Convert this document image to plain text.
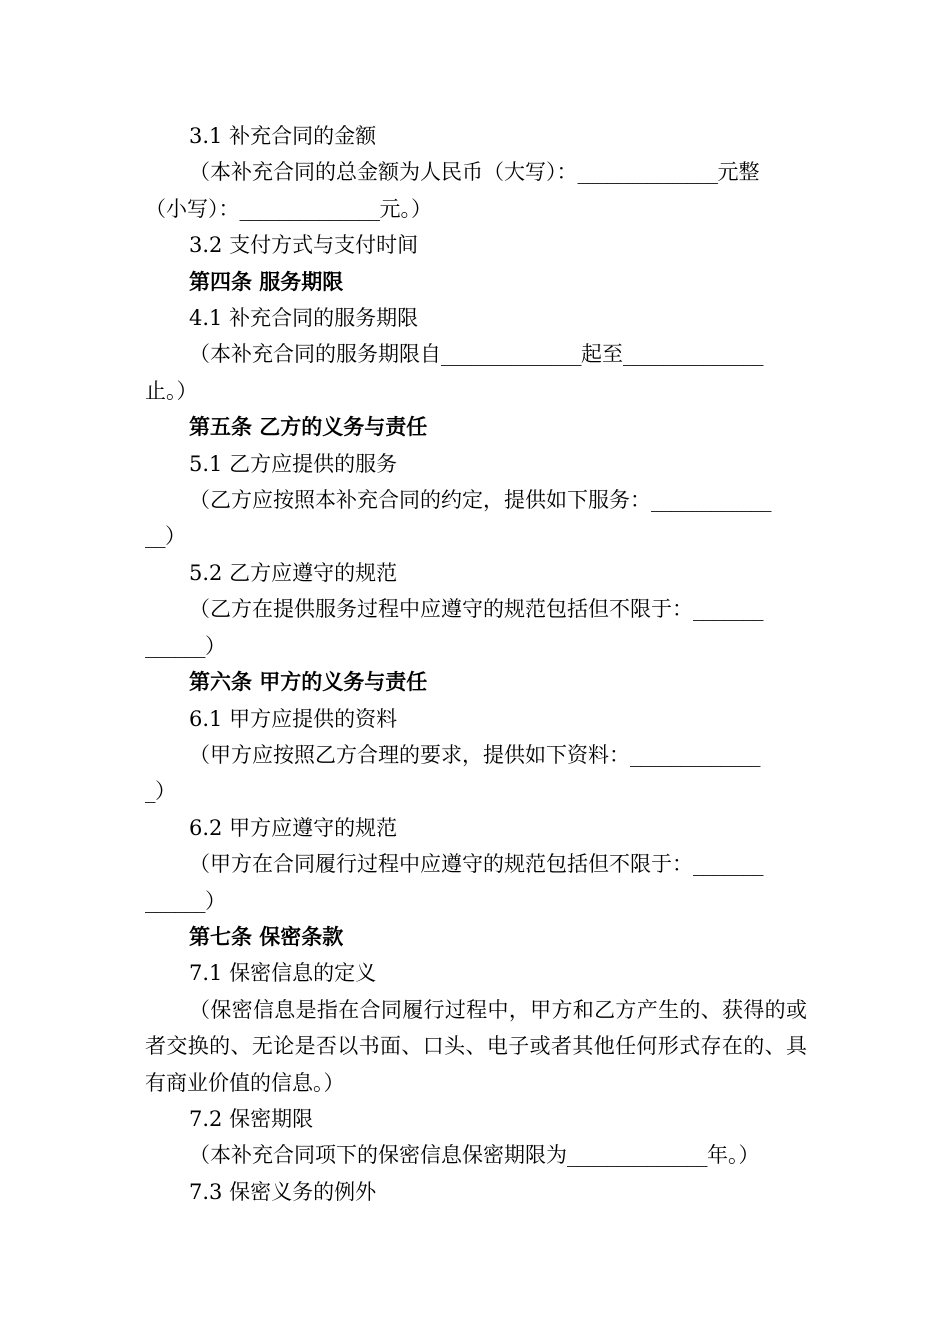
3.1 补充合同的金额

（本补充合同的总金额为人民币（大写）：______________元整
（小写）：______________元。）

3.2 支付方式与支付时间

第四条 服务期限

4.1 补充合同的服务期限

（本补充合同的服务期限自______________起至______________
止。）

第五条 乙方的义务与责任

5.1 乙方应提供的服务

（乙方应按照本补充合同的约定，提供如下服务：____________
__）

5.2 乙方应遵守的规范

（乙方在提供服务过程中应遵守的规范包括但不限于：_______
______）

第六条 甲方的义务与责任

6.1 甲方应提供的资料

（甲方应按照乙方合理的要求，提供如下资料：_____________
_）

6.2 甲方应遵守的规范

（甲方在合同履行过程中应遵守的规范包括但不限于：_______
______）

第七条 保密条款

7.1 保密信息的定义

（保密信息是指在合同履行过程中，甲方和乙方产生的、获得的或者交换的、无论是否以书面、口头、电子或者其他任何形式存在的、具有商业价值的信息。）

7.2 保密期限

（本补充合同项下的保密信息保密期限为______________年。）

7.3 保密义务的例外
